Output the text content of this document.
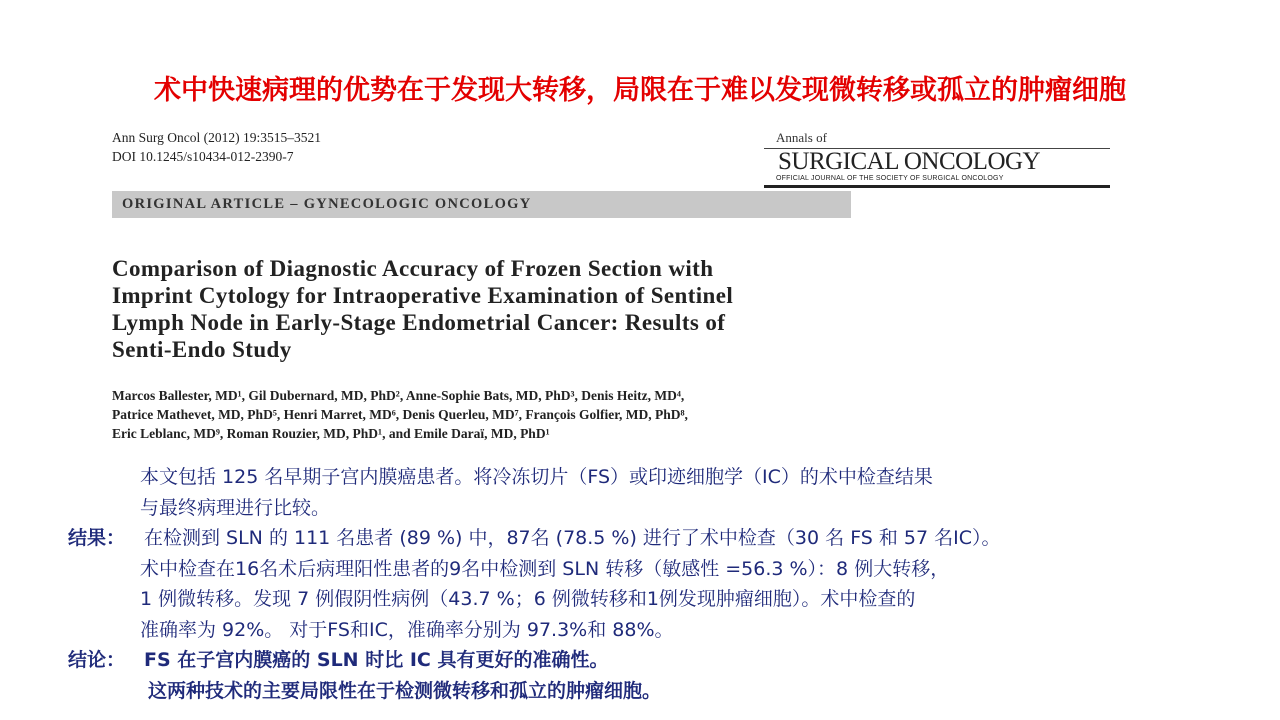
术中快速病理的优势在于发现大转移，局限在于难以发现微转移或孤立的肿瘤细胞
Ann Surg Oncol (2012) 19:3515–3521
DOI 10.1245/s10434-012-2390-7
Annals of
SURGICAL ONCOLOGY
OFFICIAL JOURNAL OF THE SOCIETY OF SURGICAL ONCOLOGY
ORIGINAL ARTICLE – GYNECOLOGIC ONCOLOGY
Comparison of Diagnostic Accuracy of Frozen Section with
Imprint Cytology for Intraoperative Examination of Sentinel
Lymph Node in Early-Stage Endometrial Cancer: Results of
Senti-Endo Study
Marcos Ballester, MD¹, Gil Dubernard, MD, PhD², Anne-Sophie Bats, MD, PhD³, Denis Heitz, MD⁴,
Patrice Mathevet, MD, PhD⁵, Henri Marret, MD⁶, Denis Querleu, MD⁷, François Golfier, MD, PhD⁸,
Eric Leblanc, MD⁹, Roman Rouzier, MD, PhD¹, and Emile Daraï, MD, PhD¹
本文包括 125 名早期子宫内膜癌患者。将冷冻切片（FS）或印迹细胞学（IC）的术中检查结果
与最终病理进行比较。
结果： 在检测到 SLN 的 111 名患者 (89 %) 中，87名 (78.5 %) 进行了术中检查（30 名 FS 和 57 名IC）。
术中检查在16名术后病理阳性患者的9名中检测到 SLN 转移（敏感性 =56.3 %）：8 例大转移，
1 例微转移。发现 7 例假阴性病例（43.7 %；6 例微转移和1例发现肿瘤细胞）。术中检查的
准确率为 92%。 对于FS和IC，准确率分别为 97.3%和 88%。
结论： FS 在子宫内膜癌的 SLN 时比 IC 具有更好的准确性。
这两种技术的主要局限性在于检测微转移和孤立的肿瘤细胞。
